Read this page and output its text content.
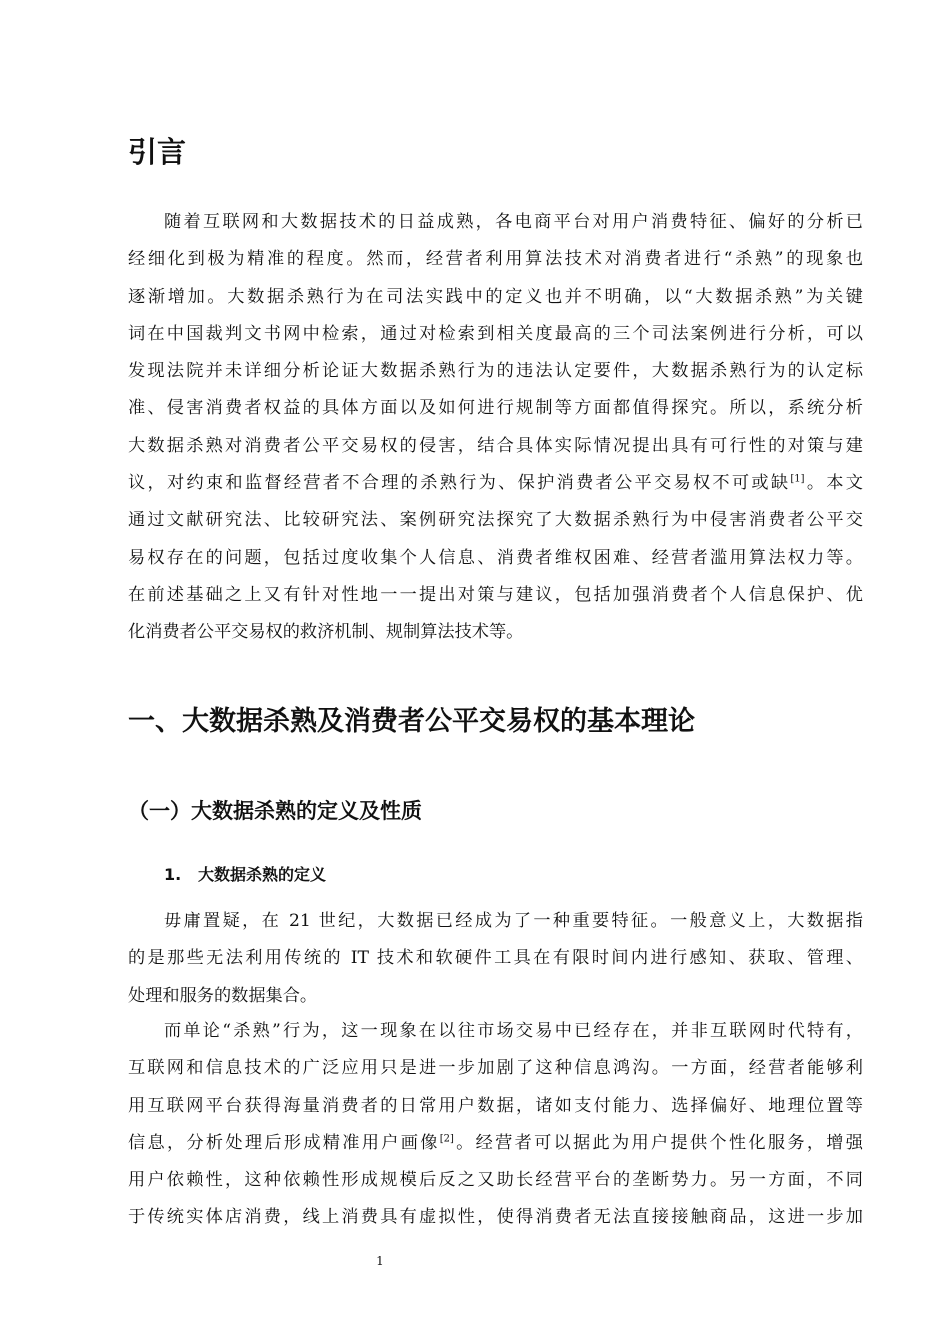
引言
随着互联网和大数据技术的日益成熟，各电商平台对用户消费特征、偏好的分析已
经细化到极为精准的程度。然而，经营者利用算法技术对消费者进行“杀熟”的现象也
逐渐增加。大数据杀熟行为在司法实践中的定义也并不明确，以“大数据杀熟”为关键
词在中国裁判文书网中检索，通过对检索到相关度最高的三个司法案例进行分析，可以
发现法院并未详细分析论证大数据杀熟行为的违法认定要件，大数据杀熟行为的认定标
准、侵害消费者权益的具体方面以及如何进行规制等方面都值得探究。所以，系统分析
大数据杀熟对消费者公平交易权的侵害，结合具体实际情况提出具有可行性的对策与建
议，对约束和监督经营者不合理的杀熟行为、保护消费者公平交易权不可或缺[1]。本文
通过文献研究法、比较研究法、案例研究法探究了大数据杀熟行为中侵害消费者公平交
易权存在的问题，包括过度收集个人信息、消费者维权困难、经营者滥用算法权力等。
在前述基础之上又有针对性地一一提出对策与建议，包括加强消费者个人信息保护、优
化消费者公平交易权的救济机制、规制算法技术等。
一、大数据杀熟及消费者公平交易权的基本理论
（一）大数据杀熟的定义及性质
1. 大数据杀熟的定义
毋庸置疑，在 21 世纪，大数据已经成为了一种重要特征。一般意义上，大数据指
的是那些无法利用传统的 IT 技术和软硬件工具在有限时间内进行感知、获取、管理、
处理和服务的数据集合。
而单论“杀熟”行为，这一现象在以往市场交易中已经存在，并非互联网时代特有，
互联网和信息技术的广泛应用只是进一步加剧了这种信息鸿沟。一方面，经营者能够利
用互联网平台获得海量消费者的日常用户数据，诸如支付能力、选择偏好、地理位置等
信息，分析处理后形成精准用户画像[2]。经营者可以据此为用户提供个性化服务，增强
用户依赖性，这种依赖性形成规模后反之又助长经营平台的垄断势力。另一方面，不同
于传统实体店消费，线上消费具有虚拟性，使得消费者无法直接接触商品，这进一步加
1
